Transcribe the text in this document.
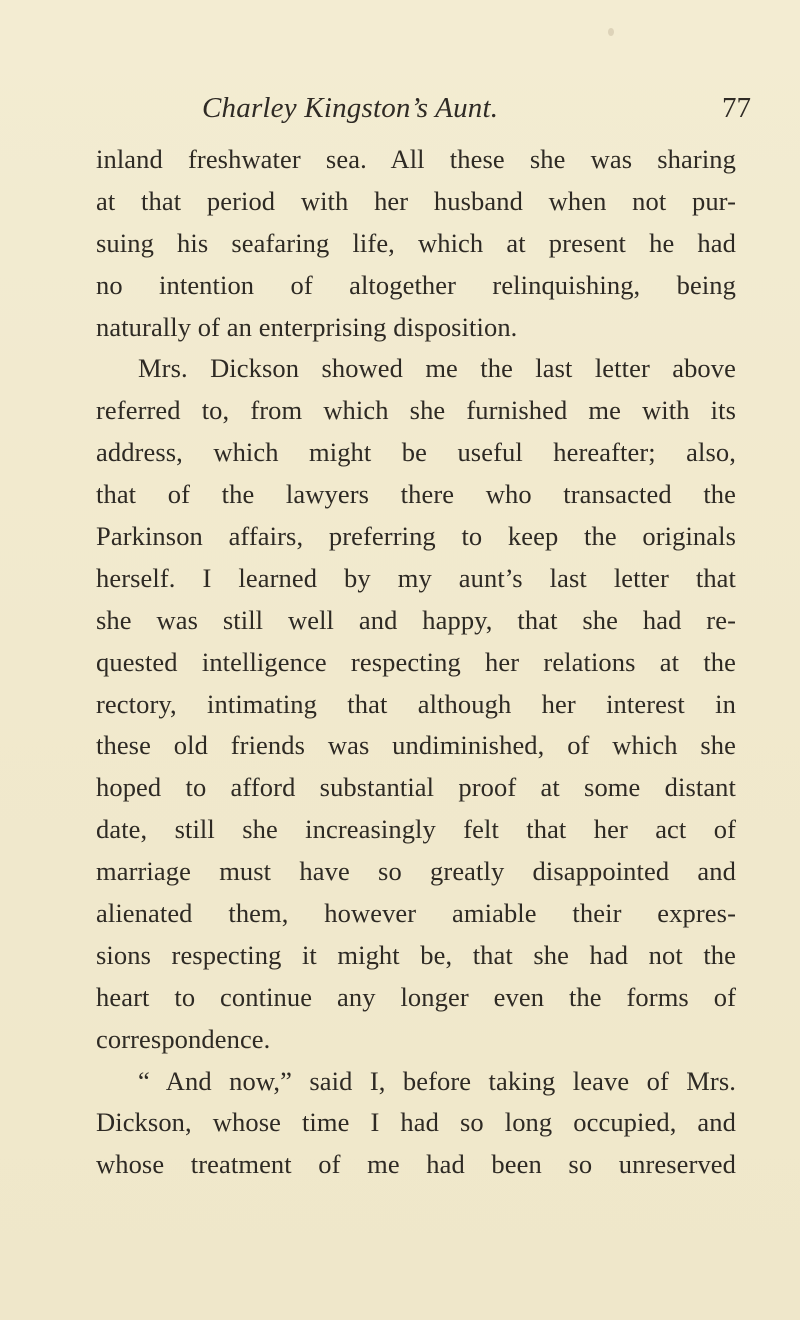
Charley Kingston’s Aunt.	77
inland freshwater sea. All these she was sharing
at that period with her husband when not pur-
suing his seafaring life, which at present he had
no intention of altogether relinquishing, being
naturally of an enterprising disposition.
Mrs. Dickson showed me the last letter above
referred to, from which she furnished me with its
address, which might be useful hereafter; also,
that of the lawyers there who transacted the
Parkinson affairs, preferring to keep the originals
herself. I learned by my aunt’s last letter that
she was still well and happy, that she had re-
quested intelligence respecting her relations at the
rectory, intimating that although her interest in
these old friends was undiminished, of which she
hoped to afford substantial proof at some distant
date, still she increasingly felt that her act of
marriage must have so greatly disappointed and
alienated them, however amiable their expres-
sions respecting it might be, that she had not the
heart to continue any longer even the forms of
correspondence.
“ And now,” said I, before taking leave of Mrs.
Dickson, whose time I had so long occupied, and
whose treatment of me had been so unreserved
